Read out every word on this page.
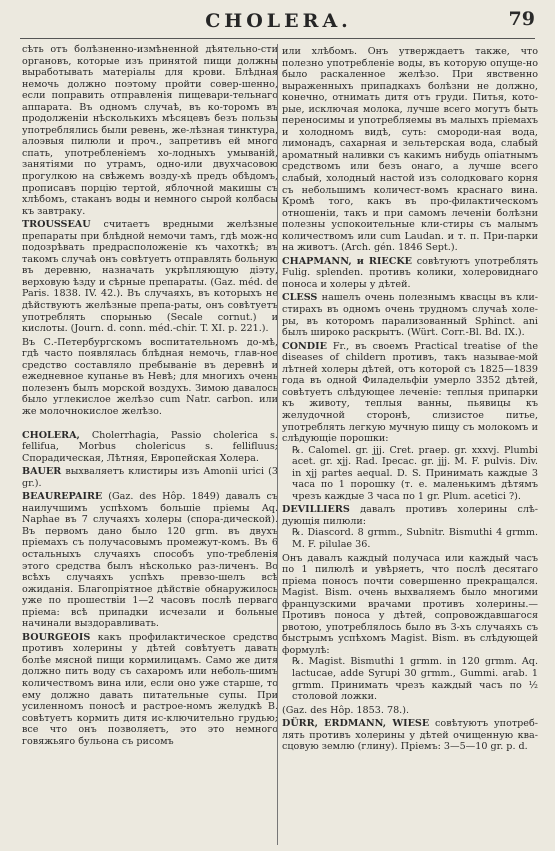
CHOLERA.	79

сѣть отъ болѣзненно-измѣненной дѣятельно-сти органовъ, которые изъ принятой пищи должны выработывать матеріалы для крови. Блѣдная немочь должно поэтому пройти совер-шенно, если поправить отправленія пищевари-тельнаго аппарата. Въ одномъ случаѣ, въ ко-торомъ въ продолженіи нѣсколькихъ мѣсяцевъ безъ пользы употреблялись были ревень, же-лѣзная тинктура, алоэвыя пилюли и проч., запретивъ ей много спать, употребленіемъ хо-лодныхъ умываній, занятіями по утрамъ, одно-или двухчасовою прогулкою на свѣжемъ возду-хѣ предъ обѣдомъ, прописавъ порцію тертой, яблочной макишы съ хлѣбомъ, стаканъ воды и немного сырой колбасы къ завтраку.

TROUSSEAU считаетъ вредными желѣзные препараты при блѣдной немочи тамъ, гдѣ мож-но подозрѣвать предрасположеніе къ чахоткѣ; въ такомъ случаѣ онъ совѣтуетъ отправлять больную въ деревню, назначать укрѣпляющую діэту, верховую ѣзду и сѣрные препараты. (Gaz. méd. de Paris. 1838. IV. 42.). Въ случаяхъ, въ которыхъ не дѣйствуютъ желѣзные препа-раты, онъ совѣтуетъ употреблять спорынью (Secale cornut.) и кислоты. (Journ. d. conn. méd.-chir. T. XI. p. 221.).

Въ С.-Петербургскомъ воспитательномъ до-мѣ, гдѣ часто появлялась блѣдная немочь, глав-ное средство составляло пребываніе въ деревнѣ и ежедневное купанье въ Невѣ; для многихъ очень полезенъ былъ морской воздухъ. Зимою давалось было углекислое желѣзо cum Natr. carbon. или же молочнокислое желѣзо.

CHOLERA, Cholerrhagia, Passio cholerica s. fellifua, Morbus cholericus s. fellifluus; Спорадическая, Лѣтняя, Европейская Холера.

BAUER выхваляетъ клистиры изъ Amonii urici (3 gr.).

BEAUREPAIRE (Gaz. des Hôp. 1849) давалъ съ наилучшимъ успѣхомъ большіе пріемы Aq. Naphae въ 7 случаяхъ холеры (спора-дической). Въ первомъ дано было 120 grm. въ двухъ пріемахъ съ получасовымъ промежут-комъ. Въ 6 остальныхъ случаяхъ способъ упо-требленія этого средства былъ нѣсколько раз-личенъ. Во всѣхъ случаяхъ успѣхъ превзо-шелъ всѣ ожиданія. Благопріятное дѣйствіе обнаружилось уже по прошествіи 1—2 часовъ послѣ перваго пріема: всѣ припадки исчезали и больные начинали выздоравливать.

BOURGEOIS какъ профилактическое средство противъ холерины у дѣтей совѣтуетъ давать болѣе мясной пищи кормилицамъ. Само же дитя должно пить воду съ сахаромъ или неболь-шимъ количествомъ вина или, если оно уже старше, то ему должно давать питательные супы. При усиленномъ поносѣ и растрое-номъ желудкѣ B. совѣтуетъ кормить дитя ис-ключительно грудью; все что онъ позволяетъ, это это немного говяжьяго бульона съ рисомъ

или хлѣбомъ. Онъ утверждаетъ также, что полезно употребленіе воды, въ которую опуще-но было раскаленное желѣзо. При явственно выраженныхъ припадкахъ болѣзни не должно, конечно, отнимать дитя отъ груди. Питья, кото-рые, исключая молока, лучше всего могутъ быть переносимы и употребляемы въ малыхъ пріемахъ и холодномъ видѣ, суть: смороди-ная вода, лимонадъ, сахарная и зельтерская вода, слабый ароматный наливки съ какимъ нибудь опіатнымъ средствомъ или безъ онаго, а лучше всего слабый, холодный настой изъ солодковаго корня съ небольшимъ количест-вомъ краснаго вина. Кромѣ того, какъ въ про-филактическомъ отношеніи, такъ и при самомъ леченіи болѣзни полезны успокоительные кли-стиры съ малымъ количествомъ или cum Laudan. и т. п. При-парки на животъ. (Arch. gén. 1846 Sept.).

CHAPMANN, и RIECKE совѣтуютъ употреблять Fulig. splenden. противъ колики, холеровиднаго поноса и холеры у дѣтей.

CLESS нашелъ очень полезнымъ квасцы въ кли-стирахъ въ одномъ очень трудномъ случаѣ холе-ры, въ которомъ парализованный Sphinct. ani былъ широко раскрытъ. (Würt. Corr.-Bl. Bd. IX.).

CONDIE Fr., въ своемъ Practical treatise of the diseases of childern противъ, такъ называе-мой лѣтней холеры дѣтей, отъ которой съ 1825—1839 года въ одной Филадельфіи умерло 3352 дѣтей, совѣтуетъ слѣдующее леченіе: теплыя припарки къ животу, теплыя ванны, пьявицы къ желудочной сторонѣ, слизистое питье, употреблять легкую мучную пищу съ молокомъ и слѣдующіе порошки:

℞. Calomel. gr. jjj. Cret. praep. gr. xxxvj. Plumbi acet. gr. xjj. Rad. Ipecac. gr. jjj. M. F. pulvis. Div. in xjj partes aequal. D. S. Принимать каждые 3 часа по 1 порошку (т. е. маленькимъ дѣтямъ чрезъ каждые 3 часа по 1 gr. Plum. acetici ?).

DEVILLIERS давалъ противъ холерины слѣ-дующія пилюли:

℞. Diascord. 8 grmm., Subnitr. Bismuthi 4 grmm. M. F. pilulae 36.

Онъ давалъ каждый получаса или каждый часъ по 1 пилюлѣ и увѣряетъ, что послѣ десятаго пріема поносъ почти совершенно прекращался. Magist. Bism. очень выхваляемъ было многими французскими врачами противъ холерины.— Противъ поноса у дѣтей, сопровождавшагося рвотою, употреблялось было въ 3-хъ случаяхъ съ быстрымъ успѣхомъ Magist. Bism. въ слѣдующей формулѣ:

℞. Magist. Bismuthi 1 grmm. in 120 grmm. Aq. lactucae, adde Syrupi 30 grmm., Gummi. arab. 1 grmm. Принимать чрезъ каждый часъ по ½ столовой ложки.

(Gaz. des Hôp. 1853. 78.).

DÜRR, ERDMANN, WIESE совѣтуютъ употреб-лять противъ холерины у дѣтей очищенную ква-сцовую землю (глину). Пріемъ: 3—5—10 gr. p. d.
